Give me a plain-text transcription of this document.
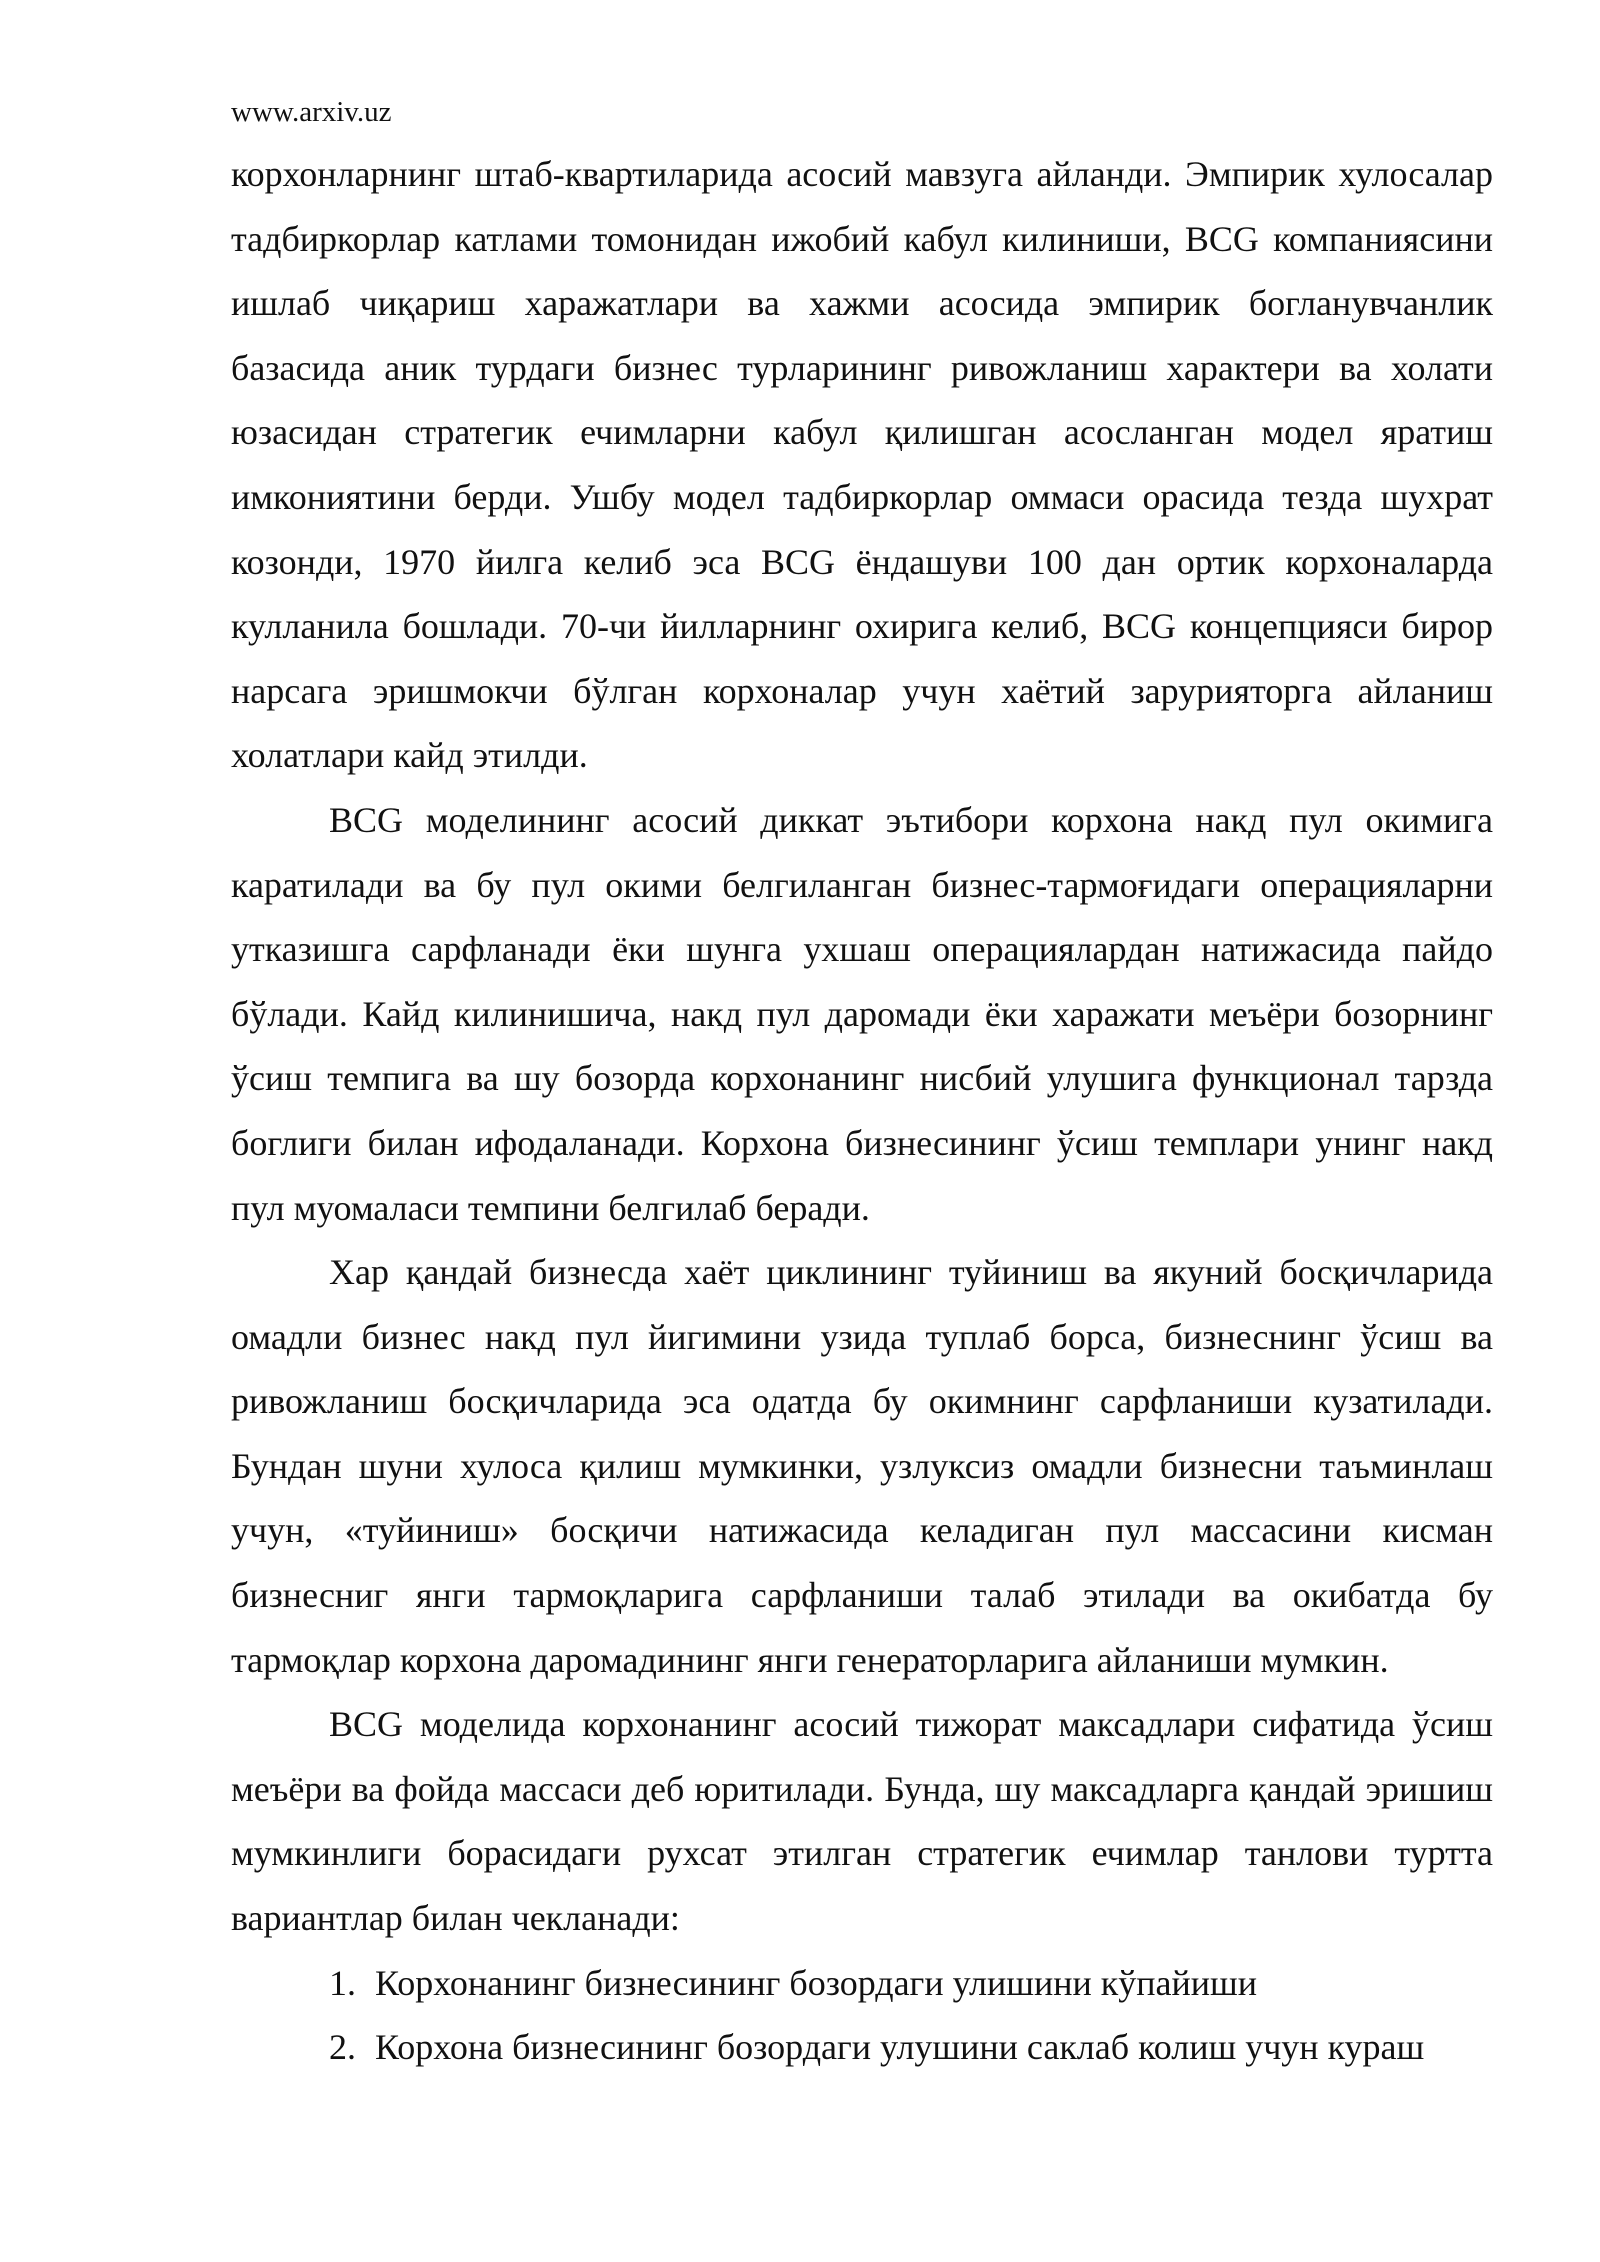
www.arxiv.uz

корхонларнинг штаб-квартиларида асосий мавзуга айланди. Эмпирик хулосалар тадбиркорлар катлами томонидан ижобий кабул килиниши, BCG компаниясини ишлаб чиқариш харажатлари ва хажми асосида эмпирик богланувчанлик базасида аник турдаги бизнес турларининг ривожланиш характери ва холати юзасидан стратегик ечимларни кабул қилишган асосланган модел яратиш имкониятини берди. Ушбу модел тадбиркорлар оммаси орасида тезда шухрат козонди, 1970 йилга келиб эса BCG ёндашуви 100 дан ортик корхоналарда кулланила бошлади. 70-чи йилларнинг охирига келиб, BCG концепцияси бирор нарсага эришмокчи бўлган корхоналар учун хаётий зарурияторга айланиш холатлари кайд этилди.

BCG моделининг асосий диккат эътибори корхона накд пул окимига каратилади ва бу пул окими белгиланган бизнес-тармоғидаги операцияларни утказишга сарфланади ёки шунга ухшаш операциялардан натижасида пайдо бўлади. Кайд килинишича, накд пул даромади ёки харажати меъёри бозорнинг ўсиш темпига ва шу бозорда корхонанинг нисбий улушига функционал тарзда боглиги билан ифодаланади. Корхона бизнесининг ўсиш темплари унинг накд пул муомаласи темпини белгилаб беради.

Хар қандай бизнесда хаёт циклининг туйиниш ва якуний босқичларида омадли бизнес накд пул йигимини узида туплаб борса, бизнеснинг ўсиш ва ривожланиш босқичларида эса одатда бу окимнинг сарфланиши кузатилади. Бундан шуни хулоса қилиш мумкинки, узлуксиз омадли бизнесни таъминлаш учун, «туйиниш» босқичи натижасида келадиган пул массасини кисман бизнесниг янги тармоқларига сарфланиши талаб этилади ва окибатда бу тармоқлар корхона даромадининг янги генераторларига айланиши мумкин.

BCG моделида корхонанинг асосий тижорат максадлари сифатида ўсиш меъёри ва фойда массаси деб юритилади. Бунда, шу максадларга қандай эришиш мумкинлиги борасидаги рухсат этилган стратегик ечимлар танлови туртта вариантлар билан чекланади:

1. Корхонанинг бизнесининг бозордаги улишини кўпайиши
2. Корхона бизнесининг бозордаги улушини саклаб колиш учун кураш
